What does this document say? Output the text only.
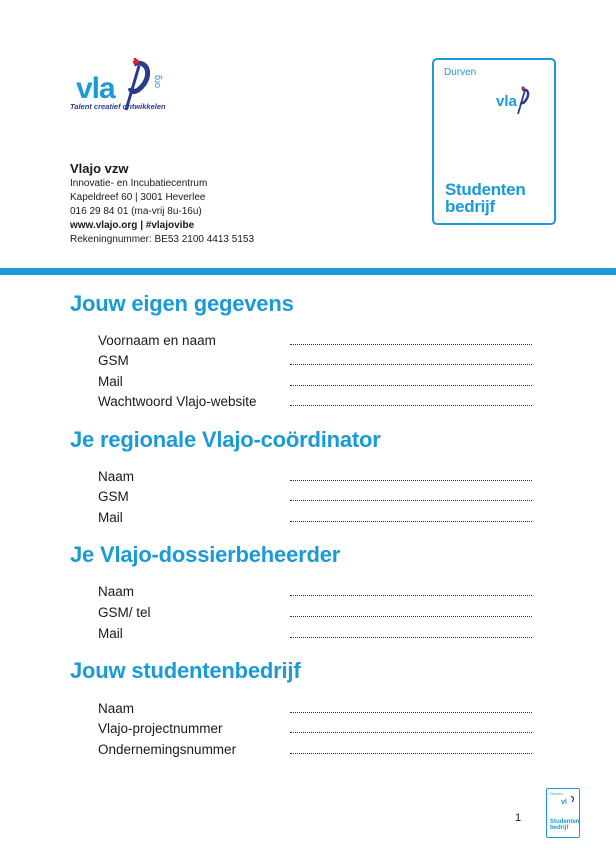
vla	org
Talent creatief ontwikkelen
Vlajo vzw
Innovatie- en Incubatiecentrum
Kapeldreef 60 | 3001 Heverlee
016 29 84 01 (ma-vrij 8u-16u)
www.vlajo.org | #vlajovibe
Rekeningnummer: BE53 2100 4413 5153
Durven
vla
Studenten
bedrijf
Jouw eigen gegevens
Voornaam en naam
GSM
Mail
Wachtwoord Vlajo-website
Je regionale Vlajo-coördinator
Naam
GSM
Mail
Je Vlajo-dossierbeheerder
Naam
GSM/ tel
Mail
Jouw studentenbedrijf
Naam
Vlajo-projectnummer
Ondernemingsnummer
1
Durven
vl
Studenten
bedrijf
